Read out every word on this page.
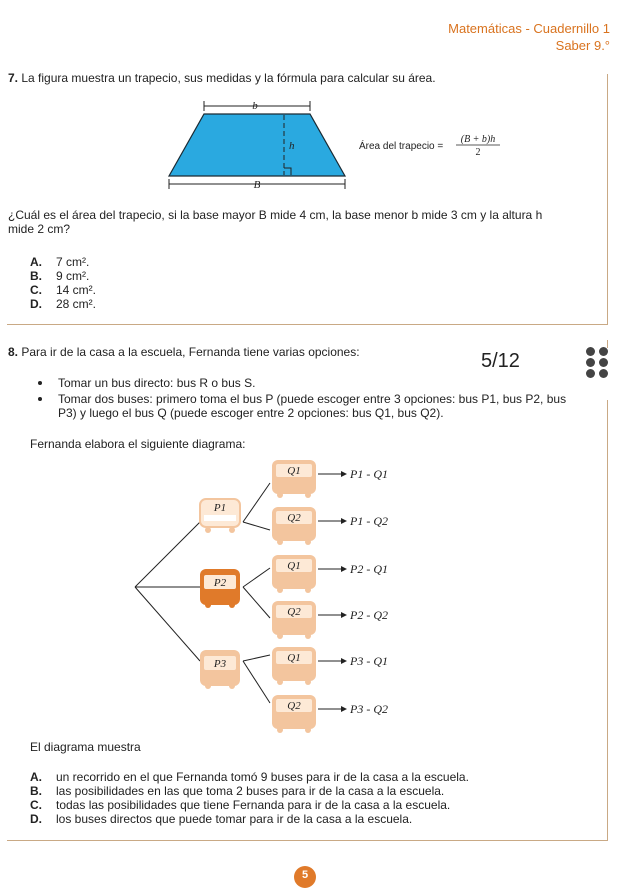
Matemáticas - Cuadernillo 1
Saber 9.°
7. La figura muestra un trapecio, sus medidas y la fórmula para calcular su área.
b
h
B
Área del trapecio =
(B + b)h
2
¿Cuál es el área del trapecio, si la base mayor B mide 4 cm, la base menor b mide 3 cm y la altura h
mide 2 cm?
A. 7 cm².
B. 9 cm².
C. 14 cm².
D. 28 cm².
8. Para ir de la casa a la escuela, Fernanda tiene varias opciones:
Tomar un bus directo: bus R o bus S.
Tomar dos buses: primero toma el bus P (puede escoger entre 3 opciones: bus P1, bus P2, bus
P3) y luego el bus Q (puede escoger entre 2 opciones: bus Q1, bus Q2).
Fernanda elabora el siguiente diagrama:
5/12
P1
P2
P3
Q1
Q2
Q1
Q2
Q1
Q2
P1 - Q1
P1 - Q2
P2 - Q1
P2 - Q2
P3 - Q1
P3 - Q2
El diagrama muestra
A. un recorrido en el que Fernanda tomó 9 buses para ir de la casa a la escuela.
B. las posibilidades en las que toma 2 buses para ir de la casa a la escuela.
C. todas las posibilidades que tiene Fernanda para ir de la casa a la escuela.
D. los buses directos que puede tomar para ir de la casa a la escuela.
5
